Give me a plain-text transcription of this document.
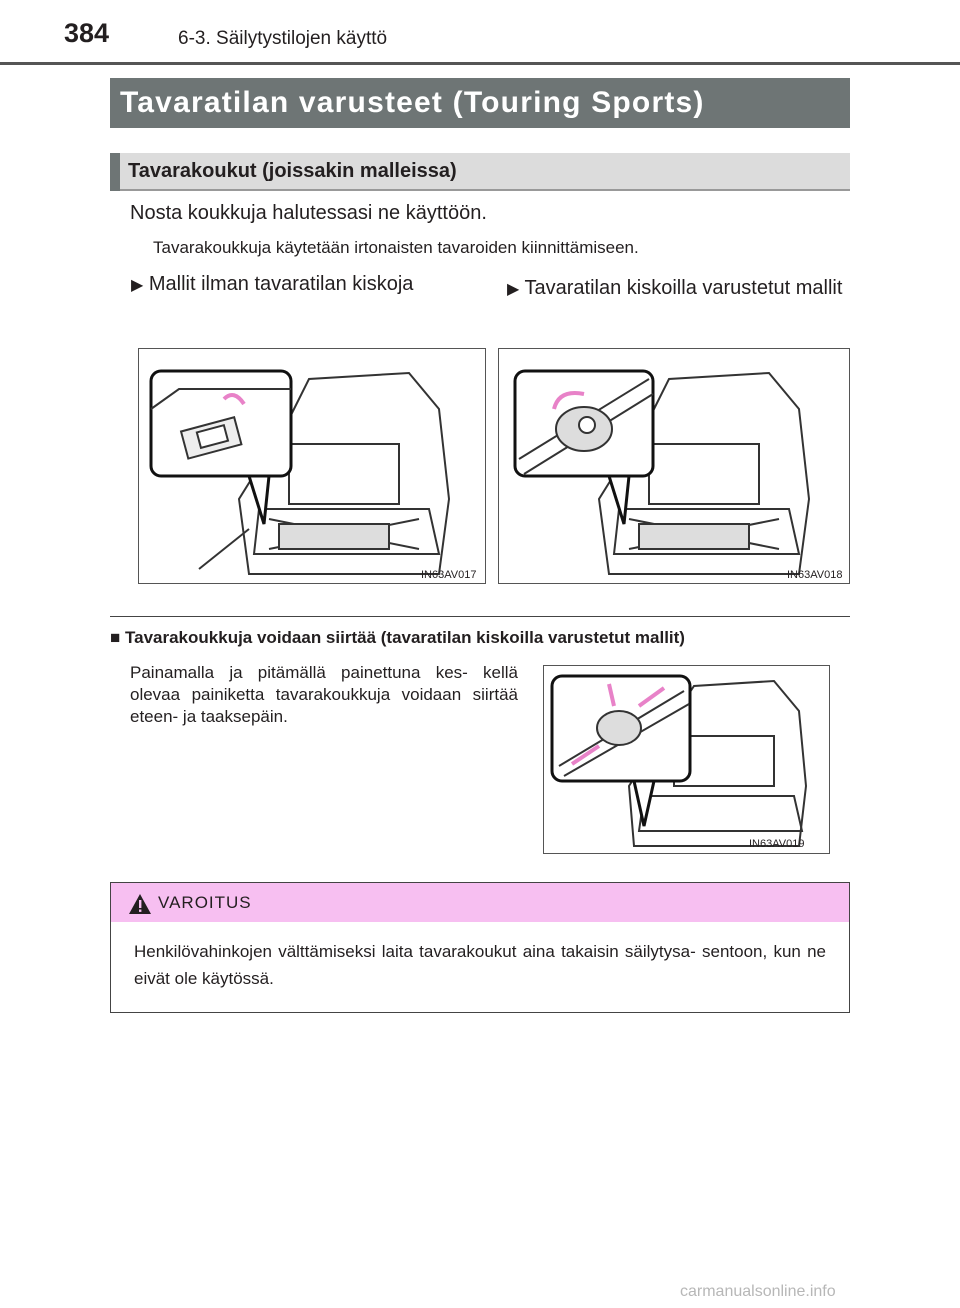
384	6-3. Säilytystilojen käyttö
Tavaratilan varusteet (Touring Sports)
Tavarakoukut (joissakin malleissa)
Nosta koukkuja halutessasi ne käyttöön.
Tavarakoukkuja käytetään irtonaisten tavaroiden kiinnittämiseen.
▶ Mallit ilman tavaratilan kiskoja	▶ Tavaratilan kiskoilla varustetut mallit
IN63AV017	IN63AV018
■ Tavarakoukkuja voidaan siirtää (tavaratilan kiskoilla varustetut mallit)
Painamalla ja pitämällä painettuna kes- kellä olevaa painiketta tavarakoukkuja voidaan siirtää eteen- ja taaksepäin.
IN63AV019
VAROITUS
Henkilövahinkojen välttämiseksi laita tavarakoukut aina takaisin säilytysa- sentoon, kun ne eivät ole käytössä.
carmanualsonline.info
